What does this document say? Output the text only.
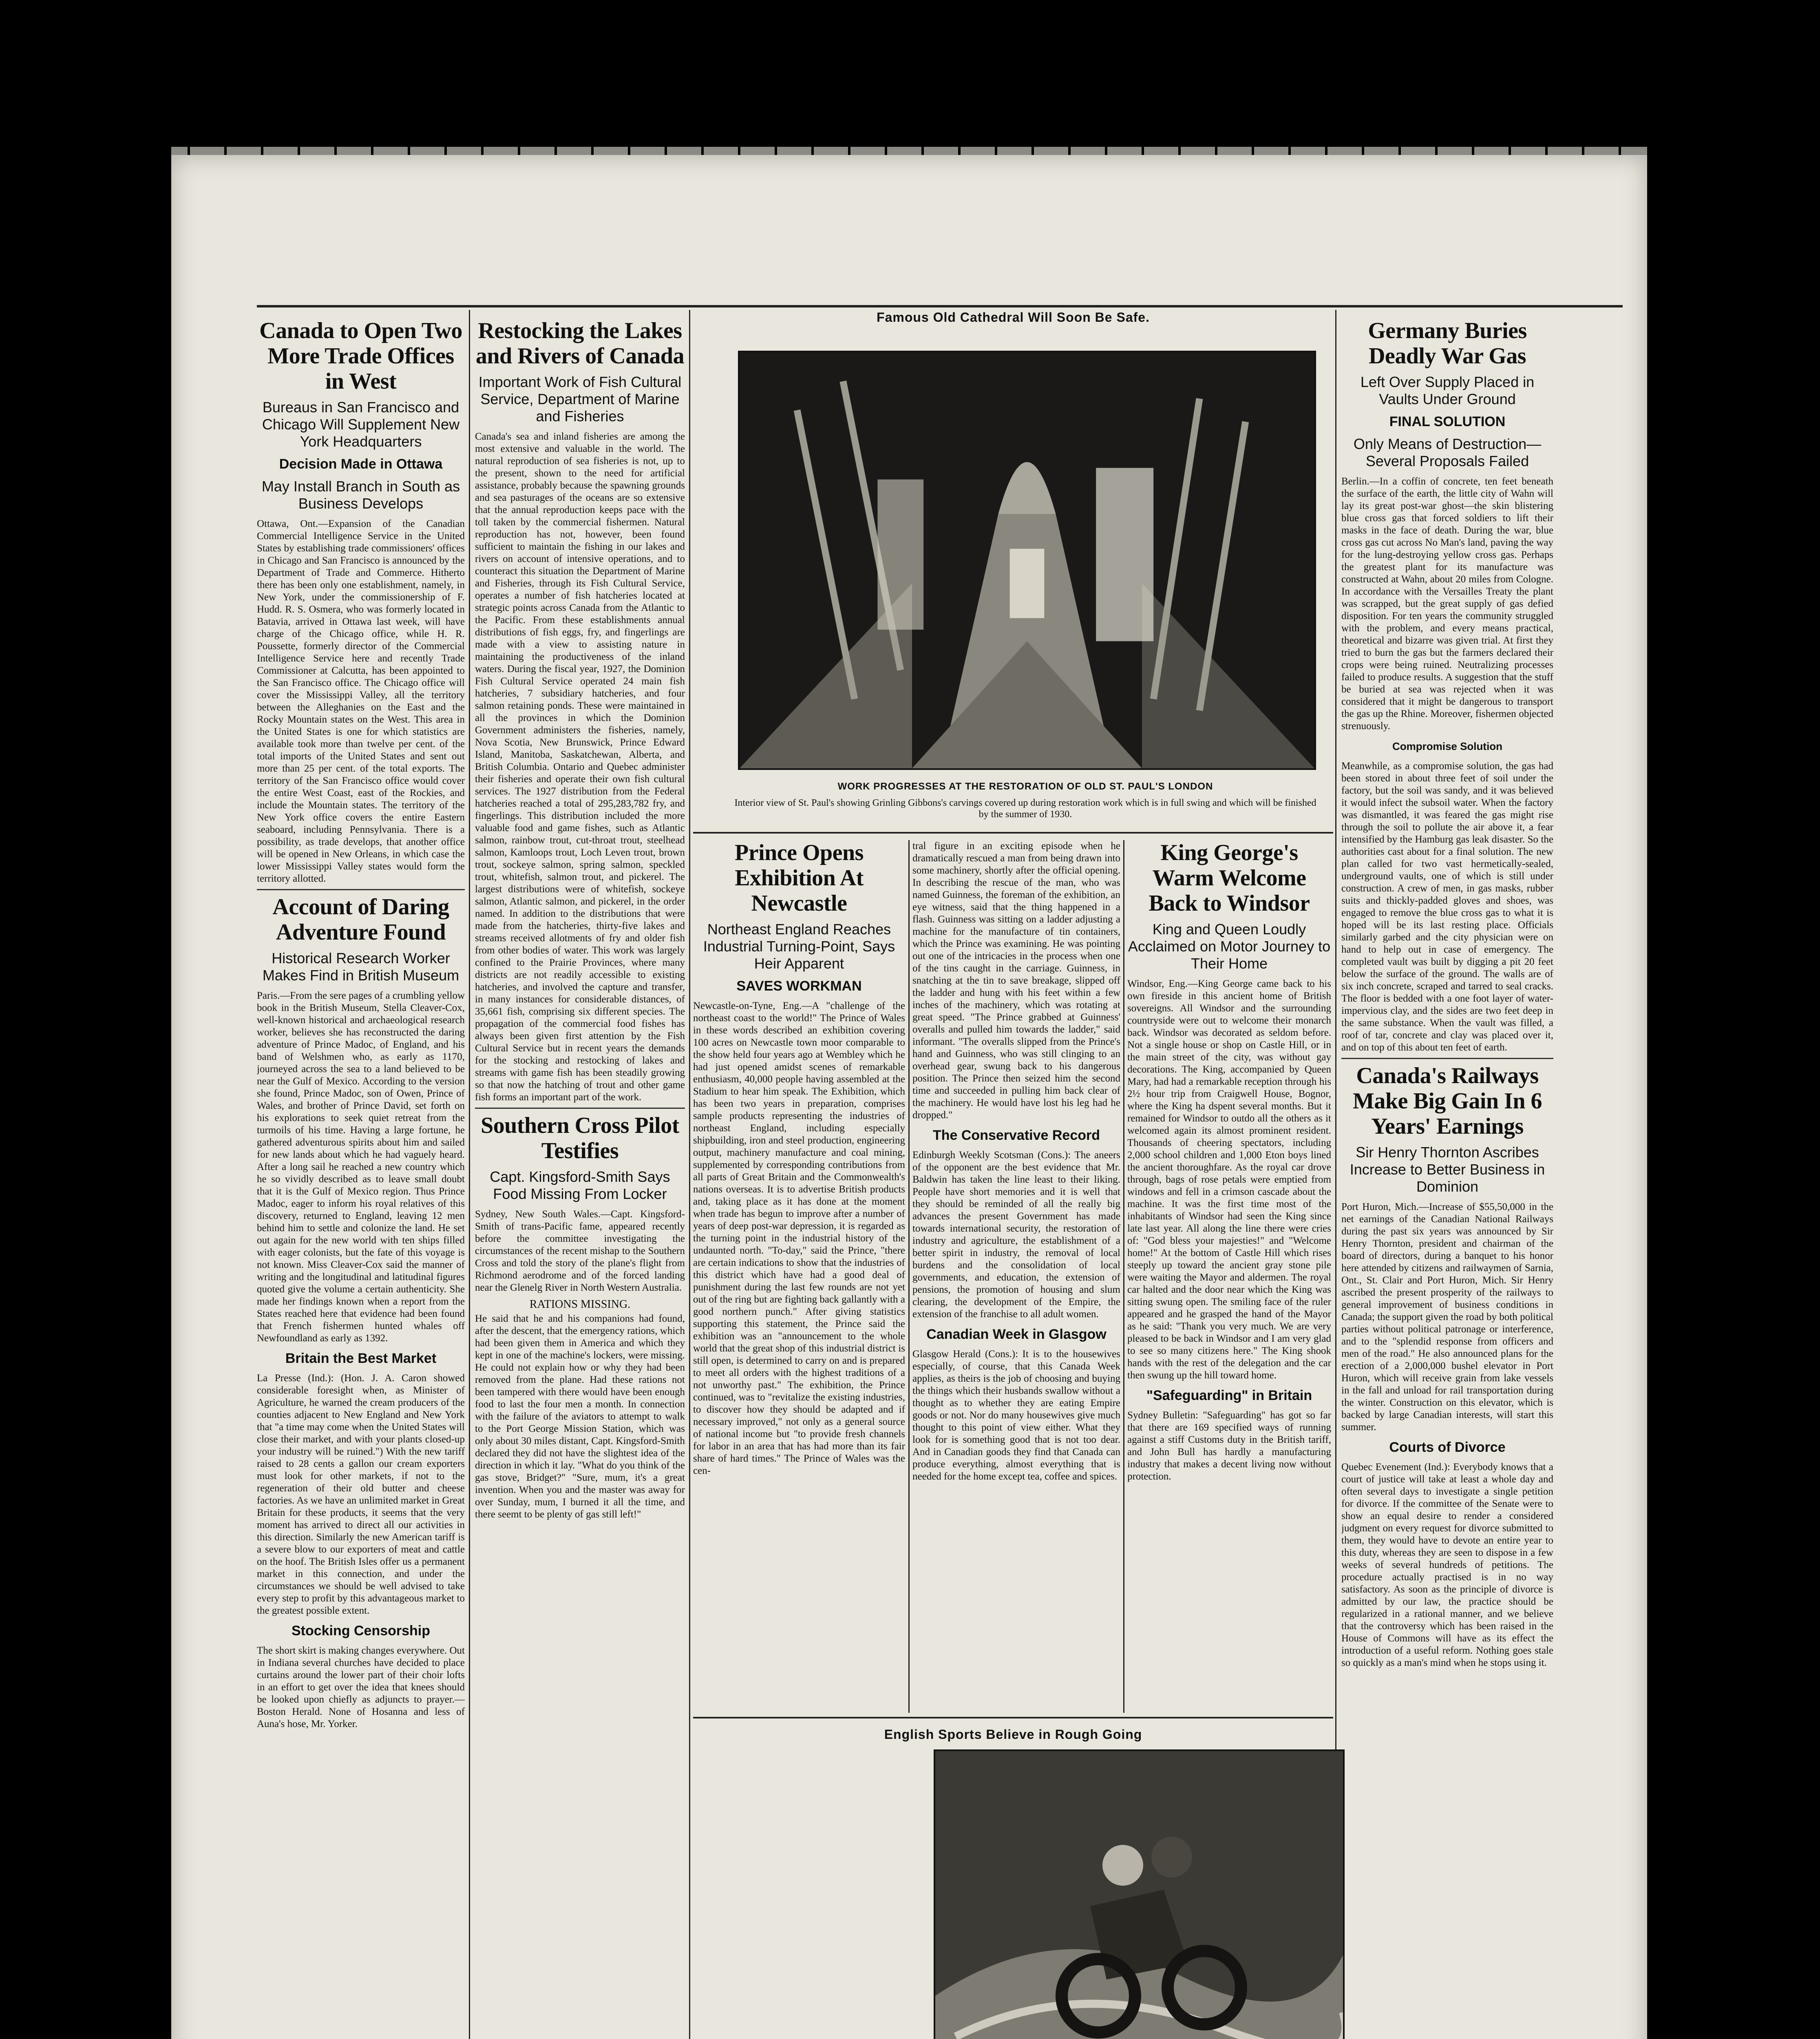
Canada to Open Two More Trade Offices in West
Bureaus in San Francisco and Chicago Will Supplement New York Headquarters
Decision Made in Ottawa
May Install Branch in South as Business Develops

Ottawa, Ont.—Expansion of the Canadian Commercial Intelligence Service in the United States by establishing trade commissioners' offices in Chicago and San Francisco is announced by the Department of Trade and Commerce. Hitherto there has been only one establishment, namely, in New York, under the commissionership of F. Hudd. R. S. Osmera, who was formerly located in Batavia, arrived in Ottawa last week, will have charge of the Chicago office, while H. R. Poussette, formerly director of the Commercial Intelligence Service here and recently Trade Commissioner at Calcutta, has been appointed to the San Francisco office. The Chicago office will cover the Mississippi Valley, all the territory between the Alleghanies on the East and the Rocky Mountain states on the West. This area in the United States is one for which statistics are available took more than twelve per cent. of the total imports of the United States and sent out more than 25 per cent. of the total exports. The territory of the San Francisco office would cover the entire West Coast, east of the Rockies, and include the Mountain states. The territory of the New York office covers the entire Eastern seaboard, including Pennsylvania. There is a possibility, as trade develops, that another office will be opened in New Orleans, in which case the lower Mississippi Valley states would form the territory allotted.

Account of Daring Adventure Found
Historical Research Worker Makes Find in British Museum

Paris.—From the sere pages of a crumbling yellow book in the British Museum, Stella Cleaver-Cox, well-known historical and archaeological research worker, believes she has reconstructed the daring adventure of Prince Madoc, of England, and his band of Welshmen who, as early as 1170, journeyed across the sea to a land believed to be near the Gulf of Mexico. According to the version she found, Prince Madoc, son of Owen, Prince of Wales, and brother of Prince David, set forth on his explorations to seek quiet retreat from the turmoils of his time. Having a large fortune, he gathered adventurous spirits about him and sailed for new lands about which he had vaguely heard. After a long sail he reached a new country which he so vividly described as to leave small doubt that it is the Gulf of Mexico region. Thus Prince Madoc, eager to inform his royal relatives of this discovery, returned to England, leaving 12 men behind him to settle and colonize the land. He set out again for the new world with ten ships filled with eager colonists, but the fate of this voyage is not known. Miss Cleaver-Cox said the manner of writing and the longitudinal and latitudinal figures quoted give the volume a certain authenticity. She made her findings known when a report from the States reached here that evidence had been found that French fishermen hunted whales off Newfoundland as early as 1392.

Britain the Best Market

La Presse (Ind.): (Hon. J. A. Caron showed considerable foresight when, as Minister of Agriculture, he warned the cream producers of the counties adjacent to New England and New York that "a time may come when the United States will close their market, and with your plants closed-up your industry will be ruined.") With the new tariff raised to 28 cents a gallon our cream exporters must look for other markets, if not to the regeneration of their old butter and cheese factories. As we have an unlimited market in Great Britain for these products, it seems that the very moment has arrived to direct all our activities in this direction. Similarly the new American tariff is a severe blow to our exporters of meat and cattle on the hoof. The British Isles offer us a permanent market in this connection, and under the circumstances we should be well advised to take every step to profit by this advantageous market to the greatest possible extent.

Stocking Censorship

The short skirt is making changes everywhere. Out in Indiana several churches have decided to place curtains around the lower part of their choir lofts in an effort to get over the idea that knees should be looked upon chiefly as adjuncts to prayer.—Boston Herald. None of Hosanna and less of Auna's hose, Mr. Yorker.

Restocking the Lakes and Rivers of Canada
Important Work of Fish Cultural Service, Department of Marine and Fisheries

Canada's sea and inland fisheries are among the most extensive and valuable in the world. The natural reproduction of sea fisheries is not, up to the present, shown to the need for artificial assistance, probably because the spawning grounds and sea pasturages of the oceans are so extensive that the annual reproduction keeps pace with the toll taken by the commercial fishermen. Natural reproduction has not, however, been found sufficient to maintain the fishing in our lakes and rivers on account of intensive operations, and to counteract this situation the Department of Marine and Fisheries, through its Fish Cultural Service, operates a number of fish hatcheries located at strategic points across Canada from the Atlantic to the Pacific. From these establishments annual distributions of fish eggs, fry, and fingerlings are made with a view to assisting nature in maintaining the productiveness of the inland waters. During the fiscal year, 1927, the Dominion Fish Cultural Service operated 24 main fish hatcheries, 7 subsidiary hatcheries, and four salmon retaining ponds. These were maintained in all the provinces in which the Dominion Government administers the fisheries, namely, Nova Scotia, New Brunswick, Prince Edward Island, Manitoba, Saskatchewan, Alberta, and British Columbia. Ontario and Quebec administer their fisheries and operate their own fish cultural services. The 1927 distribution from the Federal hatcheries reached a total of 295,283,782 fry, and fingerlings. This distribution included the more valuable food and game fishes, such as Atlantic salmon, rainbow trout, cut-throat trout, steelhead salmon, Kamloops trout, Loch Leven trout, brown trout, sockeye salmon, spring salmon, speckled trout, whitefish, salmon trout, and pickerel. The largest distributions were of whitefish, sockeye salmon, Atlantic salmon, and pickerel, in the order named. In addition to the distributions that were made from the hatcheries, thirty-five lakes and streams received allotments of fry and older fish from other bodies of water. This work was largely confined to the Prairie Provinces, where many districts are not readily accessible to existing hatcheries, and involved the capture and transfer, in many instances for considerable distances, of 35,661 fish, comprising six different species. The propagation of the commercial food fishes has always been given first attention by the Fish Cultural Service but in recent years the demands for the stocking and restocking of lakes and streams with game fish has been steadily growing so that now the hatching of trout and other game fish forms an important part of the work.

Southern Cross Pilot Testifies
Capt. Kingsford-Smith Says Food Missing From Locker

Sydney, New South Wales.—Capt. Kingsford-Smith of trans-Pacific fame, appeared recently before the committee investigating the circumstances of the recent mishap to the Southern Cross and told the story of the plane's flight from Richmond aerodrome and of the forced landing near the Glenelg River in North Western Australia.

RATIONS MISSING.

He said that he and his companions had found, after the descent, that the emergency rations, which had been given them in America and which they kept in one of the machine's lockers, were missing. He could not explain how or why they had been removed from the plane. Had these rations not been tampered with there would have been enough food to last the four men a month. In connection with the failure of the aviators to attempt to walk to the Port George Mission Station, which was only about 30 miles distant, Capt. Kingsford-Smith declared they did not have the slightest idea of the direction in which it lay. "What do you think of the gas stove, Bridget?" "Sure, mum, it's a great invention. When you and the master was away for over Sunday, mum, I burned it all the time, and there seemt to be plenty of gas still left!"

Famous Old Cathedral Will Soon Be Safe.
WORK PROGRESSES AT THE RESTORATION OF OLD ST. PAUL'S LONDON
Interior view of St. Paul's showing Grinling Gibbons's carvings covered up during restoration work which is in full swing and which will be finished by the summer of 1930.
Prince Opens Exhibition At Newcastle
Northeast England Reaches Industrial Turning-Point, Says Heir Apparent
SAVES WORKMAN

Newcastle-on-Tyne, Eng.—A "challenge of the northeast coast to the world!" The Prince of Wales in these words described an exhibition covering 100 acres on Newcastle town moor comparable to the show held four years ago at Wembley which he had just opened amidst scenes of remarkable enthusiasm, 40,000 people having assembled at the Stadium to hear him speak. The Exhibition, which has been two years in preparation, comprises sample products representing the industries of northeast England, including especially shipbuilding, iron and steel production, engineering output, machinery manufacture and coal mining, supplemented by corresponding contributions from all parts of Great Britain and the Commonwealth's nations overseas. It is to advertise British products and, taking place as it has done at the moment when trade has begun to improve after a number of years of deep post-war depression, it is regarded as the turning point in the industrial history of the undaunted north. "To-day," said the Prince, "there are certain indications to show that the industries of this district which have had a good deal of punishment during the last few rounds are not yet out of the ring but are fighting back gallantly with a good northern punch." After giving statistics supporting this statement, the Prince said the exhibition was an "announcement to the whole world that the great shop of this industrial district is still open, is determined to carry on and is prepared to meet all orders with the highest traditions of a not unworthy past." The exhibition, the Prince continued, was to "revitalize the existing industries, to discover how they should be adapted and if necessary improved," not only as a general source of national income but "to provide fresh channels for labor in an area that has had more than its fair share of hard times." The Prince of Wales was the cen-

tral figure in an exciting episode when he dramatically rescued a man from being drawn into some machinery, shortly after the official opening. In describing the rescue of the man, who was named Guinness, the foreman of the exhibition, an eye witness, said that the thing happened in a flash. Guinness was sitting on a ladder adjusting a machine for the manufacture of tin containers, which the Prince was examining. He was pointing out one of the intricacies in the process when one of the tins caught in the carriage. Guinness, in snatching at the tin to save breakage, slipped off the ladder and hung with his feet within a few inches of the machinery, which was rotating at great speed. "The Prince grabbed at Guinness' overalls and pulled him towards the ladder," said informant. "The overalls slipped from the Prince's hand and Guinness, who was still clinging to an overhead gear, swung back to his dangerous position. The Prince then seized him the second time and succeeded in pulling him back clear of the machinery. He would have lost his leg had he dropped."

The Conservative Record

Edinburgh Weekly Scotsman (Cons.): The aneers of the opponent are the best evidence that Mr. Baldwin has taken the line least to their liking. People have short memories and it is well that they should be reminded of all the really big advances the present Government has made towards international security, the restoration of industry and agriculture, the establishment of a better spirit in industry, the removal of local burdens and the consolidation of local governments, and education, the extension of pensions, the promotion of housing and slum clearing, the development of the Empire, the extension of the franchise to all adult women.

Canadian Week in Glasgow

Glasgow Herald (Cons.): It is to the housewives especially, of course, that this Canada Week applies, as theirs is the job of choosing and buying the things which their husbands swallow without a thought as to whether they are eating Empire goods or not. Nor do many housewives give much thought to this point of view either. What they look for is something good that is not too dear. And in Canadian goods they find that Canada can produce everything, almost everything that is needed for the home except tea, coffee and spices.

King George's Warm Welcome Back to Windsor
King and Queen Loudly Acclaimed on Motor Journey to Their Home

Windsor, Eng.—King George came back to his own fireside in this ancient home of British sovereigns. All Windsor and the surrounding countryside were out to welcome their monarch back. Windsor was decorated as seldom before. Not a single house or shop on Castle Hill, or in the main street of the city, was without gay decorations. The King, accompanied by Queen Mary, had had a remarkable reception through his 2½ hour trip from Craigwell House, Bognor, where the King ha dspent several months. But it remained for Windsor to outdo all the others as it welcomed again its almost prominent resident. Thousands of cheering spectators, including 2,000 school children and 1,000 Eton boys lined the ancient thoroughfare. As the royal car drove through, bags of rose petals were emptied from windows and fell in a crimson cascade about the machine. It was the first time most of the inhabitants of Windsor had seen the King since late last year. All along the line there were cries of: "God bless your majesties!" and "Welcome home!" At the bottom of Castle Hill which rises steeply up toward the ancient gray stone pile were waiting the Mayor and aldermen. The royal car halted and the door near which the King was sitting swung open. The smiling face of the ruler appeared and he grasped the hand of the Mayor as he said: "Thank you very much. We are very pleased to be back in Windsor and I am very glad to see so many citizens here." The King shook hands with the rest of the delegation and the car then swung up the hill toward home.

"Safeguarding" in Britain

Sydney Bulletin: "Safeguarding" has got so far that there are 169 specified ways of running against a stiff Customs duty in the British tariff, and John Bull has hardly a manufacturing industry that makes a decent living now without protection.

English Sports Believe in Rough Going
Germany Buries Deadly War Gas
Left Over Supply Placed in Vaults Under Ground
FINAL SOLUTION
Only Means of Destruction—Several Proposals Failed

Berlin.—In a coffin of concrete, ten feet beneath the surface of the earth, the little city of Wahn will lay its great post-war ghost—the skin blistering blue cross gas that forced soldiers to lift their masks in the face of death. During the war, blue cross gas cut across No Man's land, paving the way for the lung-destroying yellow cross gas. Perhaps the greatest plant for its manufacture was constructed at Wahn, about 20 miles from Cologne. In accordance with the Versailles Treaty the plant was scrapped, but the great supply of gas defied disposition. For ten years the community struggled with the problem, and every means practical, theoretical and bizarre was given trial. At first they tried to burn the gas but the farmers declared their crops were being ruined. Neutralizing processes failed to produce results. A suggestion that the stuff be buried at sea was rejected when it was considered that it might be dangerous to transport the gas up the Rhine. Moreover, fishermen objected strenuously.

Compromise Solution

Meanwhile, as a compromise solution, the gas had been stored in about three feet of soil under the factory, but the soil was sandy, and it was believed it would infect the subsoil water. When the factory was dismantled, it was feared the gas might rise through the soil to pollute the air above it, a fear intensified by the Hamburg gas leak disaster. So the authorities cast about for a final solution. The new plan called for two vast hermetically-sealed, underground vaults, one of which is still under construction. A crew of men, in gas masks, rubber suits and thickly-padded gloves and shoes, was engaged to remove the blue cross gas to what it is hoped will be its last resting place. Officials similarly garbed and the city physician were on hand to help out in case of emergency. The completed vault was built by digging a pit 20 feet below the surface of the ground. The walls are of six inch concrete, scraped and tarred to seal cracks. The floor is bedded with a one foot layer of water-impervious clay, and the sides are two feet deep in the same substance. When the vault was filled, a roof of tar, concrete and clay was placed over it, and on top of this about ten feet of earth.

Canada's Railways Make Big Gain In 6 Years' Earnings
Sir Henry Thornton Ascribes Increase to Better Business in Dominion

Port Huron, Mich.—Increase of $55,50,000 in the net earnings of the Canadian National Railways during the past six years was announced by Sir Henry Thornton, president and chairman of the board of directors, during a banquet to his honor here attended by citizens and railwaymen of Sarnia, Ont., St. Clair and Port Huron, Mich. Sir Henry ascribed the present prosperity of the railways to general improvement of business conditions in Canada; the support given the road by both political parties without political patronage or interference, and to the "splendid response from officers and men of the road." He also announced plans for the erection of a 2,000,000 bushel elevator in Port Huron, which will receive grain from lake vessels in the fall and unload for rail transportation during the winter. Construction on this elevator, which is backed by large Canadian interests, will start this summer.

Courts of Divorce

Quebec Evenement (Ind.): Everybody knows that a court of justice will take at least a whole day and often several days to investigate a single petition for divorce. If the committee of the Senate were to show an equal desire to render a considered judgment on every request for divorce submitted to them, they would have to devote an entire year to this duty, whereas they are seen to dispose in a few weeks of several hundreds of petitions. The procedure actually practised is in no way satisfactory. As soon as the principle of divorce is admitted by our law, the practice should be regularized in a rational manner, and we believe that the controversy which has been raised in the House of Commons will have as its effect the introduction of a useful reform. Nothing goes stale so quickly as a man's mind when he stops using it.
